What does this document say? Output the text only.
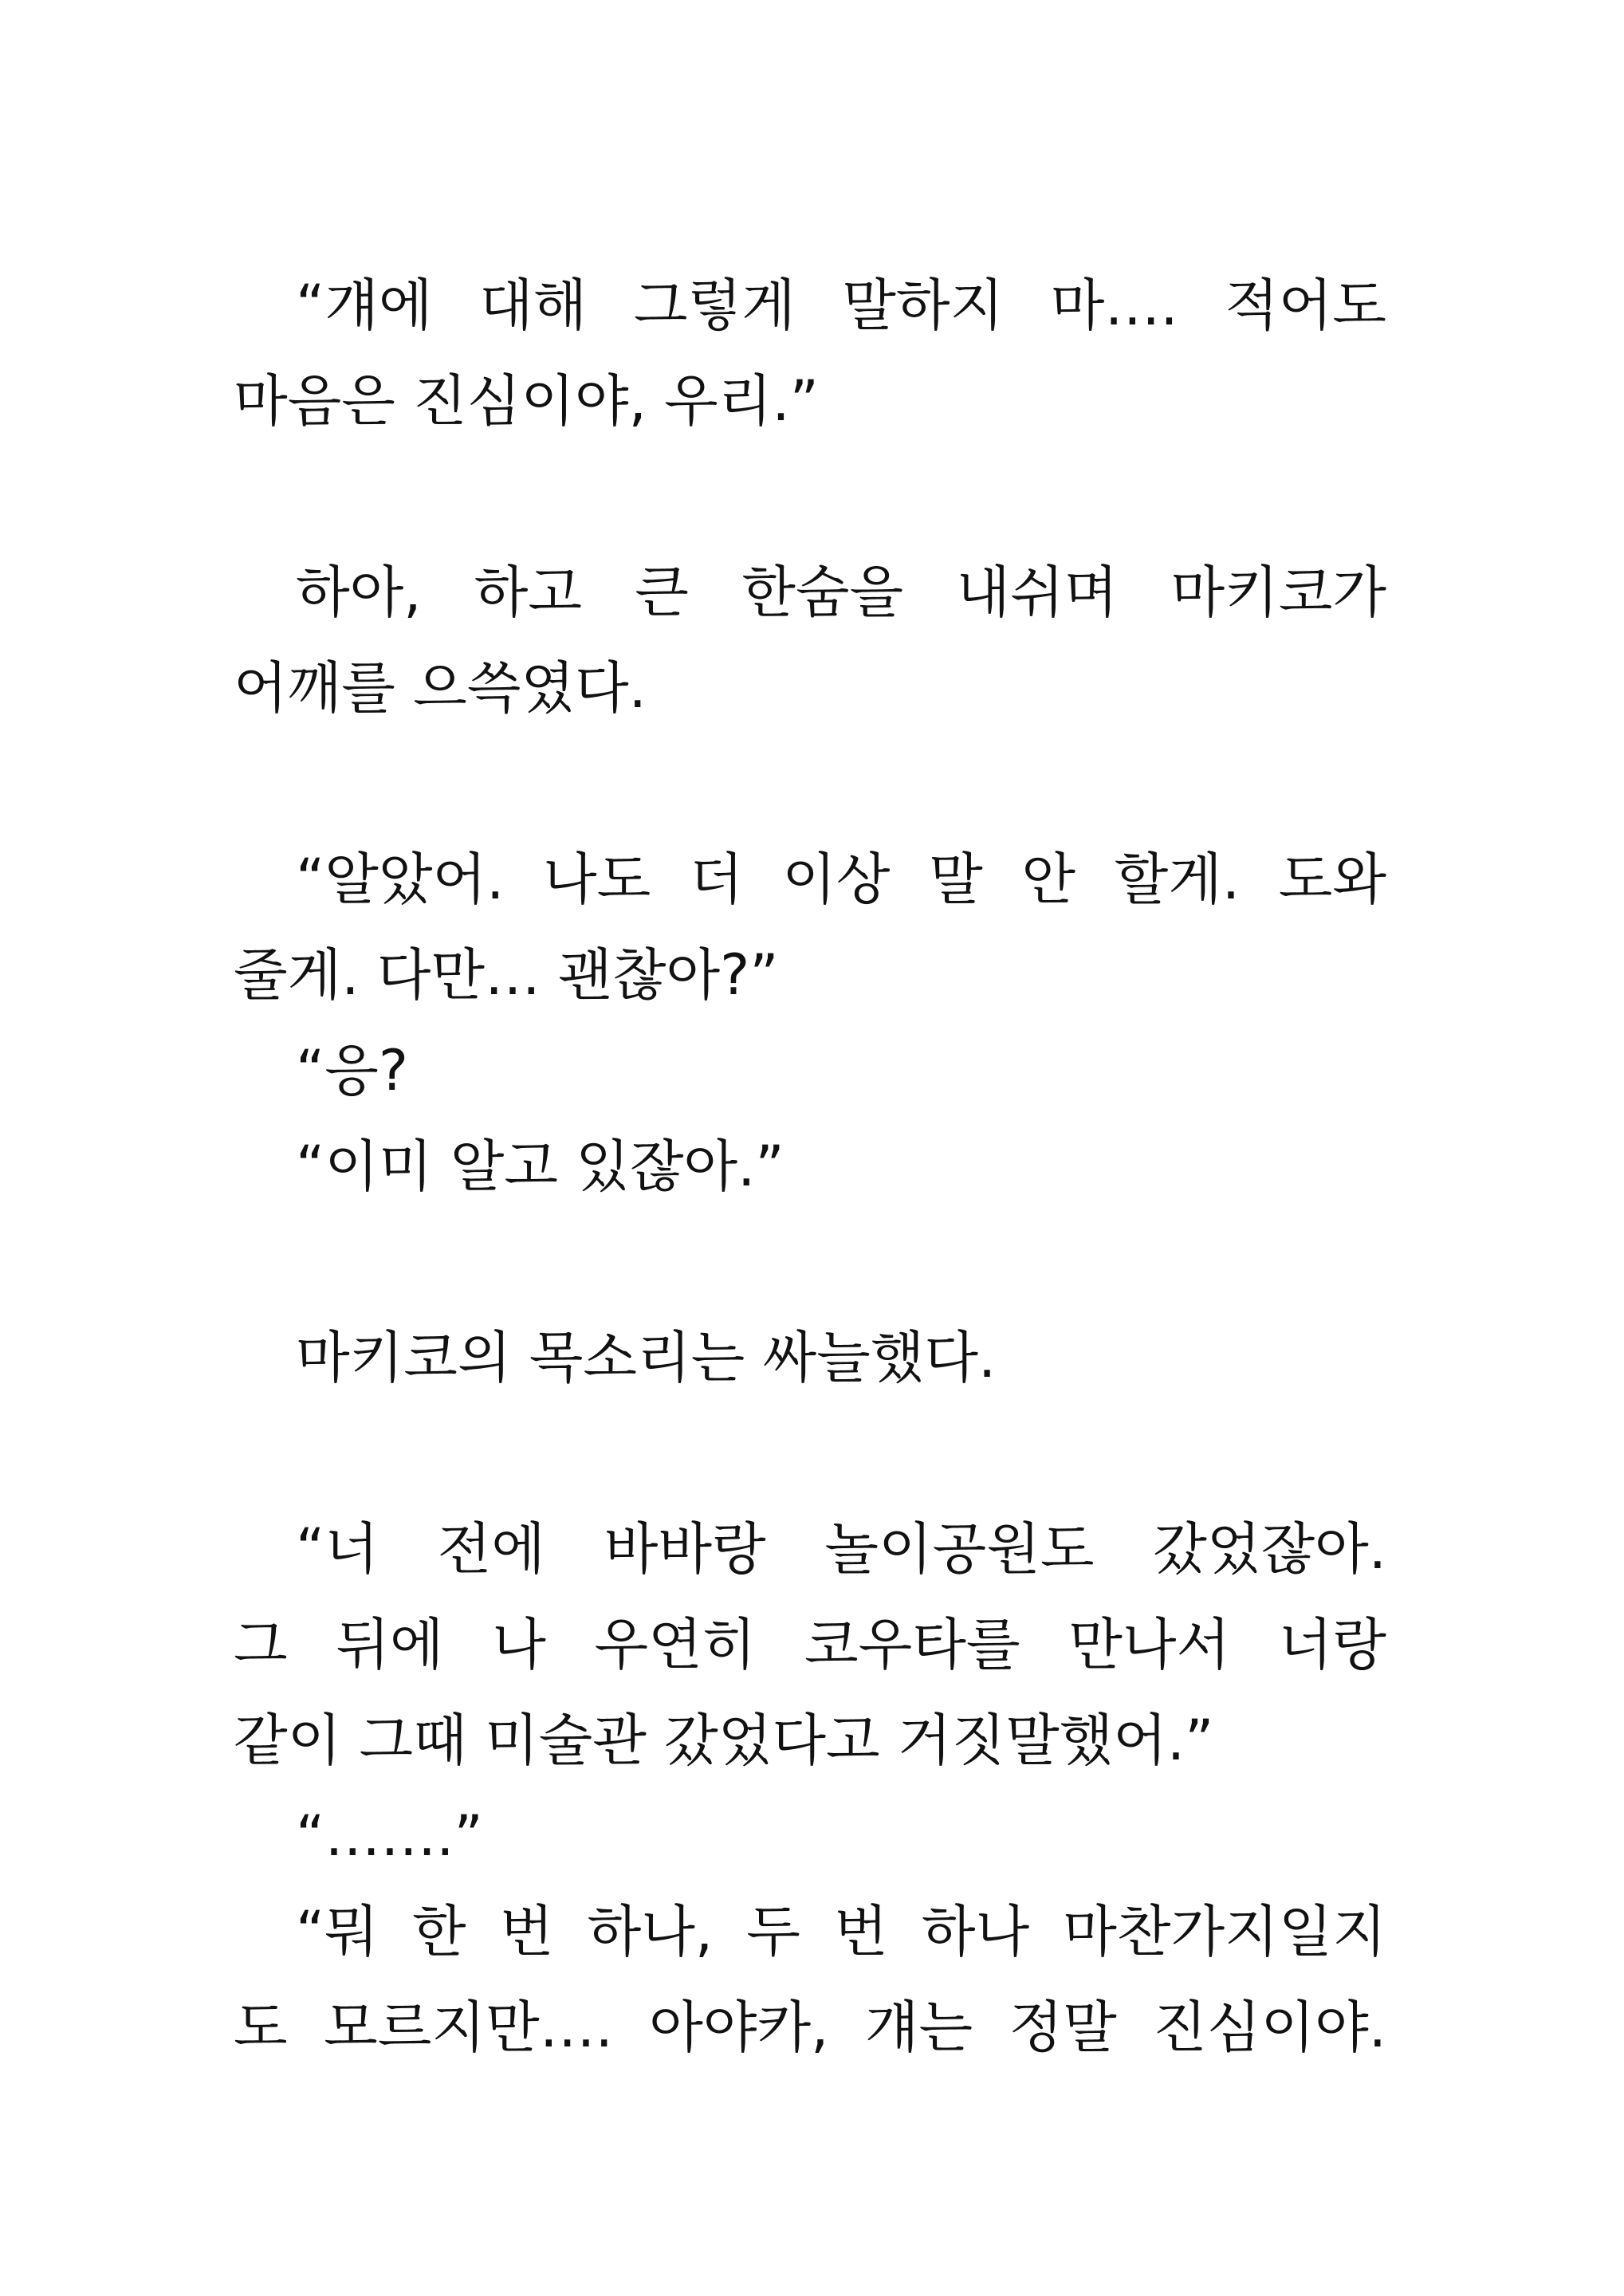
“걔에 대해 그렇게 말하지 마…. 적어도
마음은 진심이야, 우리.”
하아, 하고 큰 한숨을 내쉬며 마키코가
어깨를 으쓱였다.
“알았어. 나도 더 이상 말 안 할게. 도와
줄게. 다만… 괜찮아?”
“응?
“이미 알고 있잖아.”
마키코의 목소리는 싸늘했다.
“너 전에 바바랑 놀이공원도 갔었잖아.
그 뒤에 나 우연히 코우타를 만나서 너랑
같이 그때 미술관 갔었다고 거짓말했어.”
“…….”
“뭐 한 번 하나, 두 번 하나 마찬가지일지
도 모르지만…. 아야카, 걔는 정말 진심이야.
